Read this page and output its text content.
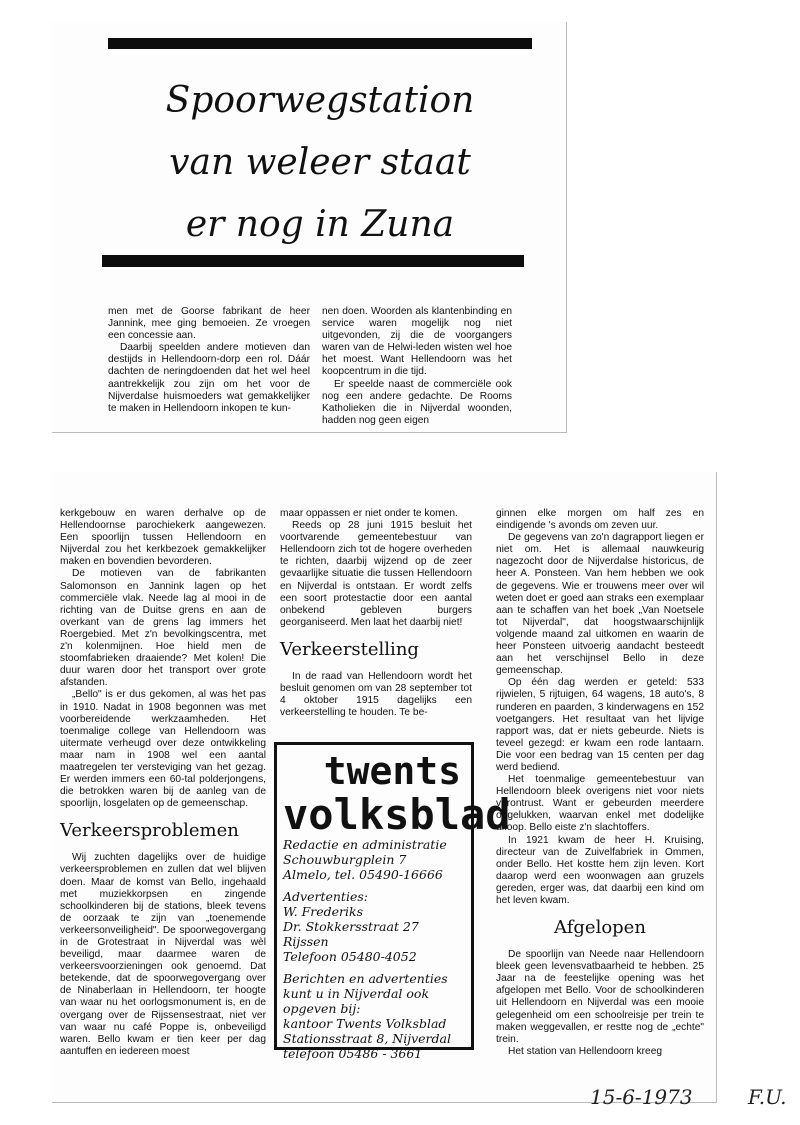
Spoorwegstation
van weleer staat
er nog in Zuna

men met de Goorse fabrikant de heer Jannink, mee ging bemoeien. Ze vroegen een concessie aan.

Daarbij speelden andere motieven dan destijds in Hellendoorn-dorp een rol. Dáár dachten de neringdoenden dat het wel heel aantrekkelijk zou zijn om het voor de Nijverdalse huismoeders wat gemakkelijker te maken in Hellendoorn inkopen te kun-

nen doen. Woorden als klantenbinding en service waren mogelijk nog niet uitgevonden, zij die de voorgangers waren van de Helwi-leden wisten wel hoe het moest. Want Hellendoorn was het koopcentrum in die tijd.

Er speelde naast de commerciële ook nog een andere gedachte. De Rooms Katholieken die in Nijverdal woonden, hadden nog geen eigen

kerkgebouw en waren derhalve op de Hellendoornse parochiekerk aangewezen. Een spoorlijn tussen Hellendoorn en Nijverdal zou het kerkbezoek gemakkelijker maken en bovendien bevorderen.

De motieven van de fabrikanten Salomonson en Jannink lagen op het commerciële vlak. Neede lag al mooi in de richting van de Duitse grens en aan de overkant van de grens lag immers het Roergebied. Met z'n bevolkingscentra, met z'n kolenmijnen. Hoe hield men de stoomfabrieken draaiende? Met kolen! Die duur waren door het transport over grote afstanden.

„Bello" is er dus gekomen, al was het pas in 1910. Nadat in 1908 begonnen was met voorbereidende werkzaamheden. Het toenmalige college van Hellendoorn was uitermate verheugd over deze ontwikkeling maar nam in 1908 wel een aantal maatregelen ter versteviging van het gezag. Er werden immers een 60-tal polderjongens, die betrokken waren bij de aanleg van de spoorlijn, losgelaten op de gemeenschap.

Verkeersproblemen

Wij zuchten dagelijks over de huidige verkeersproblemen en zullen dat wel blijven doen. Maar de komst van Bello, ingehaald met muziekkorpsen en zingende schoolkinderen bij de stations, bleek tevens de oorzaak te zijn van „toenemende verkeersonveiligheid". De spoorwegovergang in de Grotestraat in Nijverdal was wèl beveiligd, maar daarmee waren de verkeersvoorzieningen ook genoemd. Dat betekende, dat de spoorwegovergang over de Ninaberlaan in Hellendoorn, ter hoogte van waar nu het oorlogsmonument is, en de overgang over de Rijssensestraat, niet ver van waar nu café Poppe is, onbeveiligd waren. Bello kwam er tien keer per dag aantuffen en iedereen moest

maar oppassen er niet onder te komen.

Reeds op 28 juni 1915 besluit het voortvarende gemeentebestuur van Hellendoorn zich tot de hogere overheden te richten, daarbij wijzend op de zeer gevaarlijke situatie die tussen Hellendoorn en Nijverdal is ontstaan. Er wordt zelfs een soort protestactie door een aantal onbekend gebleven burgers georganiseerd. Men laat het daarbij niet!

Verkeerstelling

In de raad van Hellendoorn wordt het besluit genomen om van 28 september tot 4 oktober 1915 dagelijks een verkeerstelling te houden. Te be-

twents
volksblad
Redactie en administratie
Schouwburgplein 7
Almelo, tel. 05490-16666
Advertenties:
W. Frederiks
Dr. Stokkersstraat 27
Rijssen
Telefoon 05480-4052
Berichten en advertenties
kunt u in Nijverdal ook
opgeven bij:
kantoor Twents Volksblad
Stationsstraat 8, Nijverdal
telefoon 05486 - 3661

ginnen elke morgen om half zes en eindigende 's avonds om zeven uur.

De gegevens van zo'n dagrapport liegen er niet om. Het is allemaal nauwkeurig nagezocht door de Nijverdalse historicus, de heer A. Ponsteen. Van hem hebben we ook de gegevens. Wie er trouwens meer over wil weten doet er goed aan straks een exemplaar aan te schaffen van het boek „Van Noetsele tot Nijverdal", dat hoogstwaarschijnlijk volgende maand zal uitkomen en waarin de heer Ponsteen uitvoerig aandacht besteedt aan het verschijnsel Bello in deze gemeenschap.

Op één dag werden er geteld: 533 rijwielen, 5 rijtuigen, 64 wagens, 18 auto's, 8 runderen en paarden, 3 kinderwagens en 152 voetgangers. Het resultaat van het lijvige rapport was, dat er niets gebeurde. Niets is teveel gezegd: er kwam een rode lantaarn. Die voor een bedrag van 15 centen per dag werd bediend.

Het toenmalige gemeentebestuur van Hellendoorn bleek overigens niet voor niets verontrust. Want er gebeurden meerdere ongelukken, waarvan enkel met dodelijke afloop. Bello eiste z'n slachtoffers.

In 1921 kwam de heer H. Kruising, directeur van de Zuivelfabriek in Ommen, onder Bello. Het kostte hem zijn leven. Kort daarop werd een woonwagen aan gruzels gereden, erger was, dat daarbij een kind om het leven kwam.

Afgelopen

De spoorlijn van Neede naar Hellendoorn bleek geen levensvatbaarheid te hebben. 25 Jaar na de feestelijke opening was het afgelopen met Bello. Voor de schoolkinderen uit Hellendoorn en Nijverdal was een mooie gelegenheid om een schoolreisje per trein te maken weggevallen, er restte nog de „echte" trein.

Het station van Hellendoorn kreeg

15-6-1973	F.U.
